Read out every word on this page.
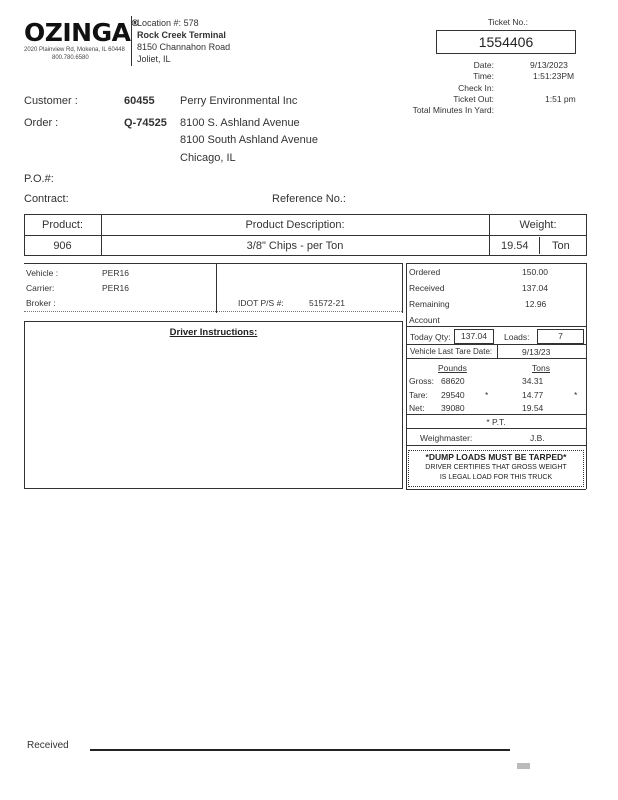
OZINGA®
2020 Plainview Rd, Mokena, IL 60448
800.780.6580
Location #: 578
Rock Creek Terminal
8150 Channahon Road
Joliet, IL
Ticket No.:
1554406
Date:	9/13/2023
Time:	1:51:23PM
Check In:
Ticket Out:	1:51 pm
Total Minutes In Yard:
Customer :	60455 Perry Environmental Inc
Order :	Q-74525 8100 S. Ashland Avenue
8100 South Ashland Avenue
Chicago, IL
P.O.#:
Contract:	Reference No.:
Product:	Product Description:	Weight:
906	3/8" Chips - per Ton	19.54 Ton
Vehicle :	PER16
Carrier:	PER16
Broker :	IDOT P/S #:	51572-21
Driver Instructions:
Ordered	150.00
Received	137.04
Remaining	12.96
Account
Today Qty:	137.04	Loads:	7
Vehicle Last Tare Date:	9/13/23
Pounds	Tons
Gross: 68620	34.31
Tare: 29540 *	14.77	*
Net: 39080	19.54
* P.T.
Weighmaster:	J.B.
*DUMP LOADS MUST BE TARPED*
DRIVER CERTIFIES THAT GROSS WEIGHT
IS LEGAL LOAD FOR THIS TRUCK
Received
